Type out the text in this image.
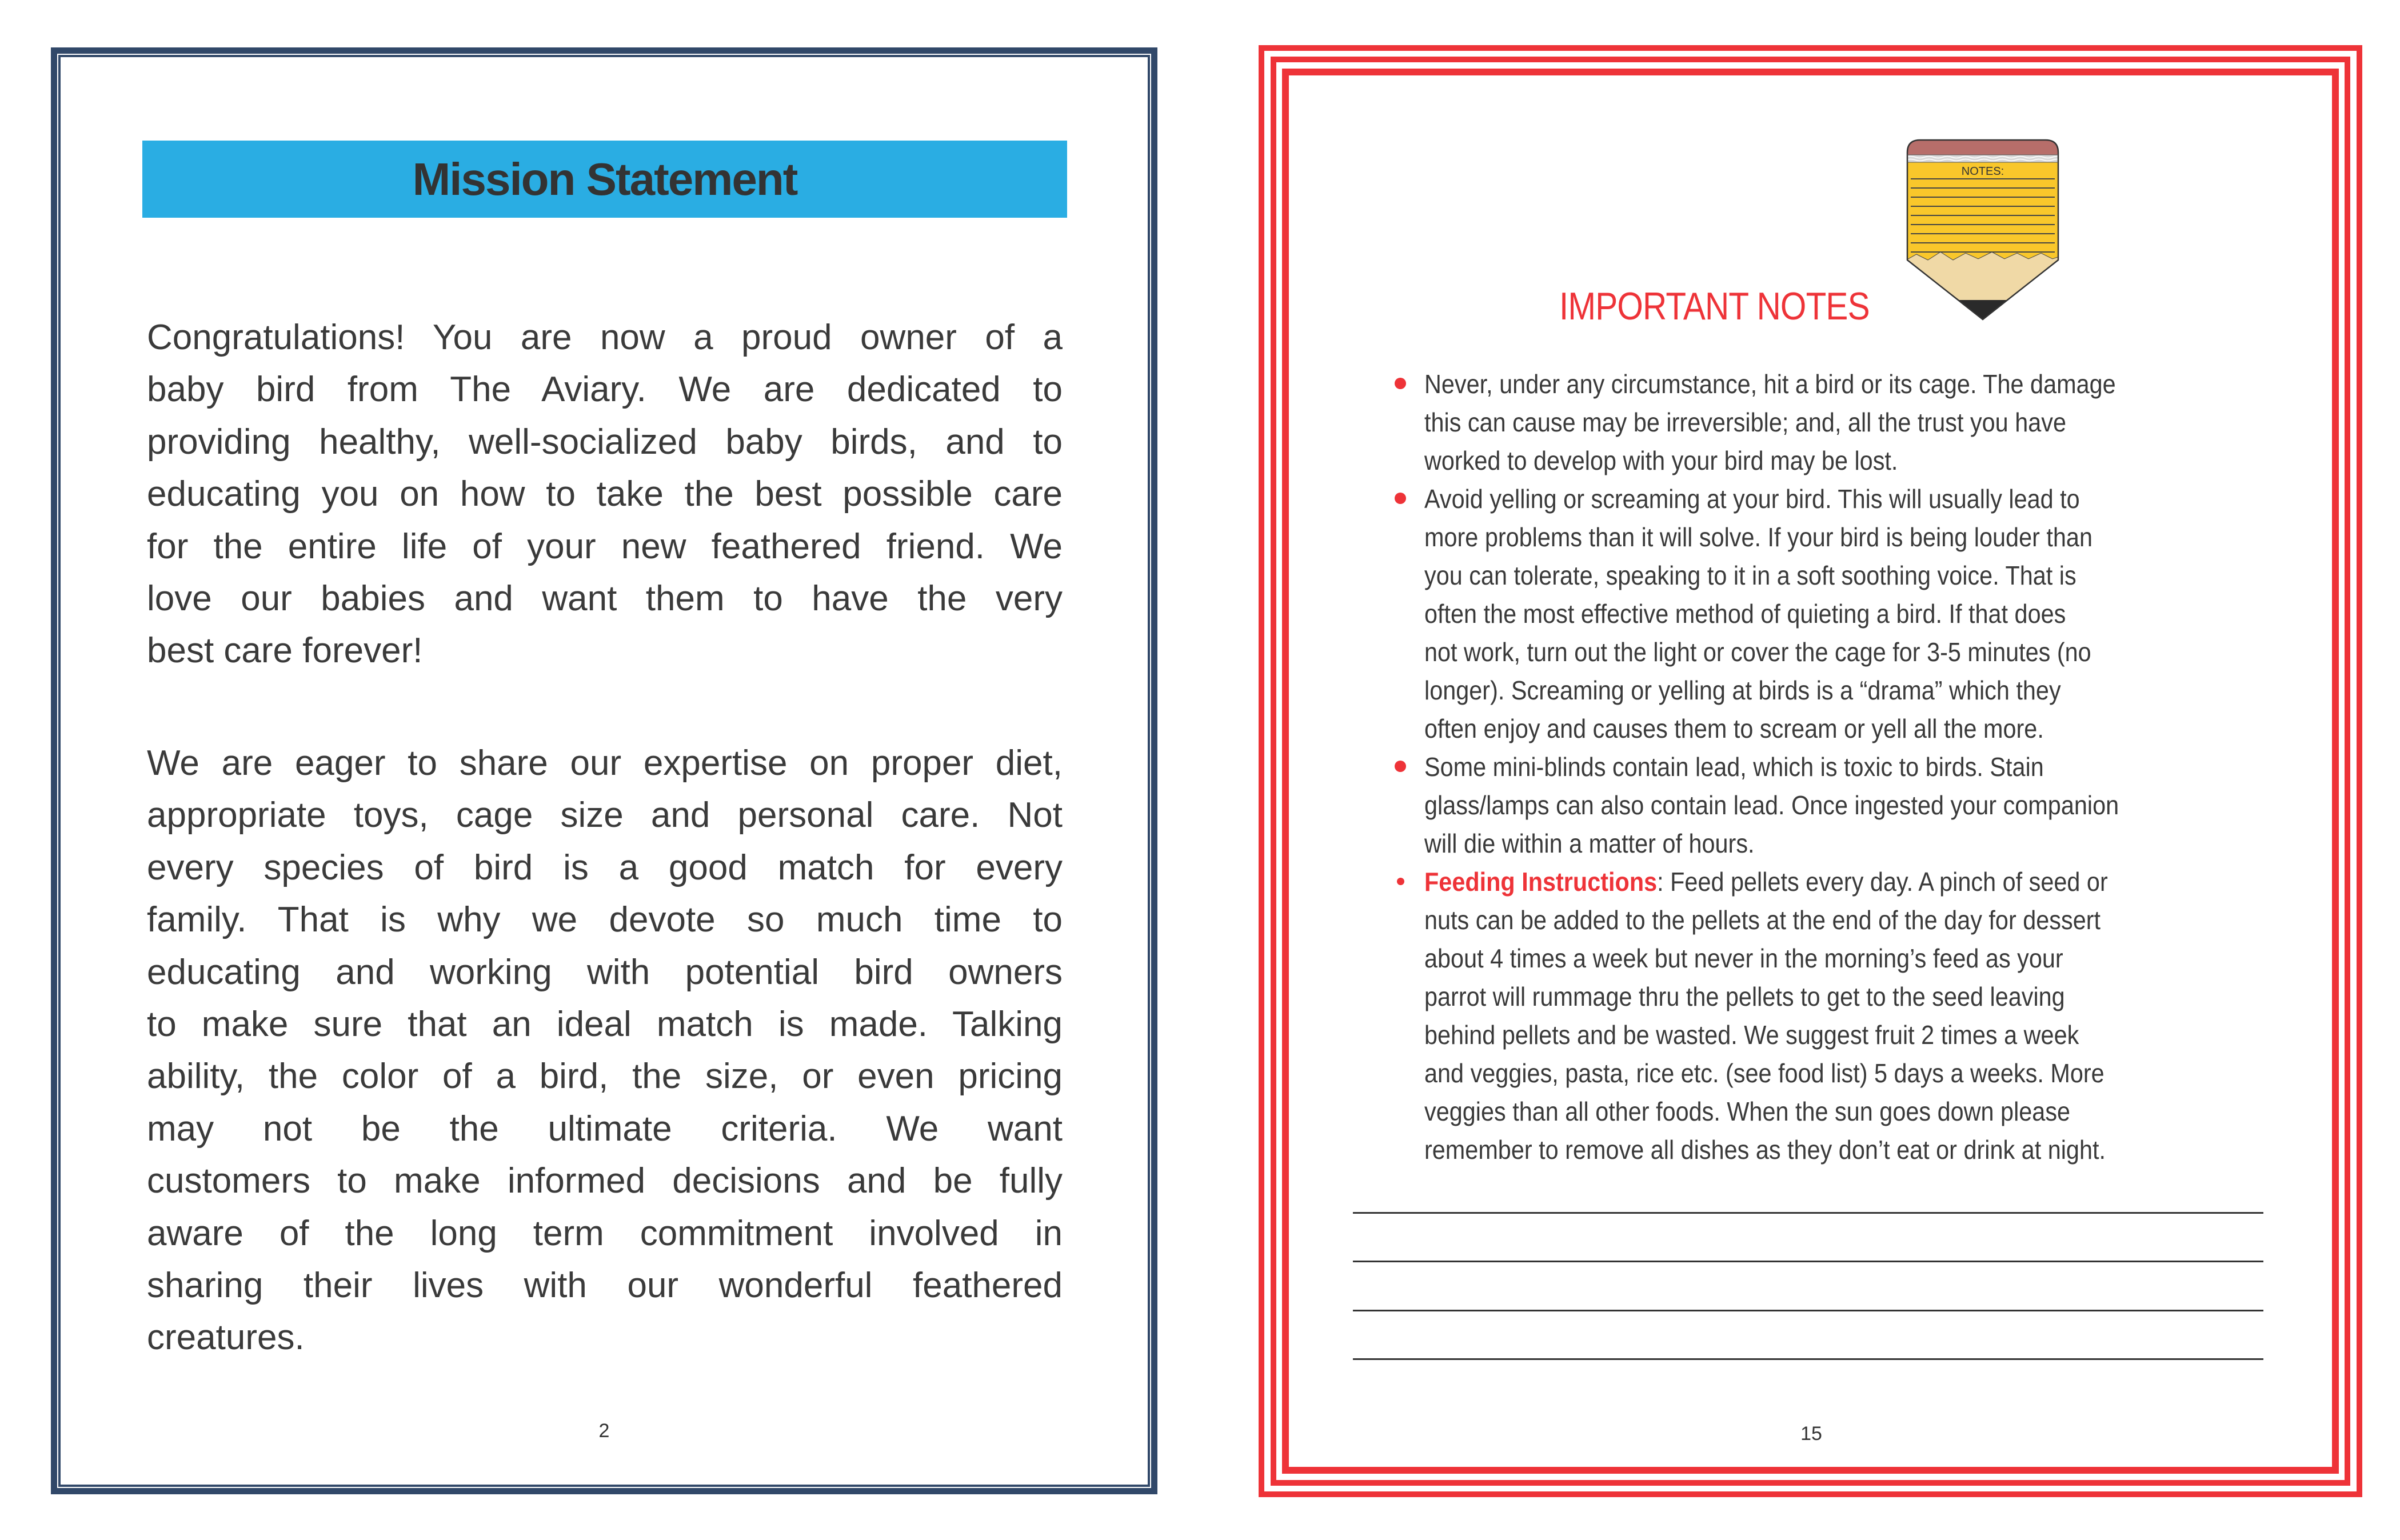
Mission Statement
Congratulations! You are now a proud owner of a
baby bird from The Aviary. We are dedicated to
providing healthy, well-socialized baby birds, and to
educating you on how to take the best possible care
for the entire life of your new feathered friend. We
love our babies and want them to have the very
best care forever!
We are eager to share our expertise on proper diet,
appropriate toys, cage size and personal care. Not
every species of bird is a good match for every
family. That is why we devote so much time to
educating and working with potential bird owners
to make sure that an ideal match is made. Talking
ability, the color of a bird, the size, or even pricing
may not be the ultimate criteria. We want
customers to make informed decisions and be fully
aware of the long term commitment involved in
sharing their lives with our wonderful feathered
creatures.
2
NOTES:
IMPORTANT NOTES
Never, under any circumstance, hit a bird or its cage. The damage
this can cause may be irreversible; and, all the trust you have
worked to develop with your bird may be lost.
Avoid yelling or screaming at your bird. This will usually lead to
more problems than it will solve. If your bird is being louder than
you can tolerate, speaking to it in a soft soothing voice. That is
often the most effective method of quieting a bird. If that does
not work, turn out the light or cover the cage for 3-5 minutes (no
longer). Screaming or yelling at birds is a “drama” which they
often enjoy and causes them to scream or yell all the more.
Some mini-blinds contain lead, which is toxic to birds. Stain
glass/lamps can also contain lead. Once ingested your companion
will die within a matter of hours.
Feeding Instructions: Feed pellets every day. A pinch of seed or
nuts can be added to the pellets at the end of the day for dessert
about 4 times a week but never in the morning’s feed as your
parrot will rummage thru the pellets to get to the seed leaving
behind pellets and be wasted. We suggest fruit 2 times a week
and veggies, pasta, rice etc. (see food list) 5 days a weeks. More
veggies than all other foods. When the sun goes down please
remember to remove all dishes as they don’t eat or drink at night.
15
